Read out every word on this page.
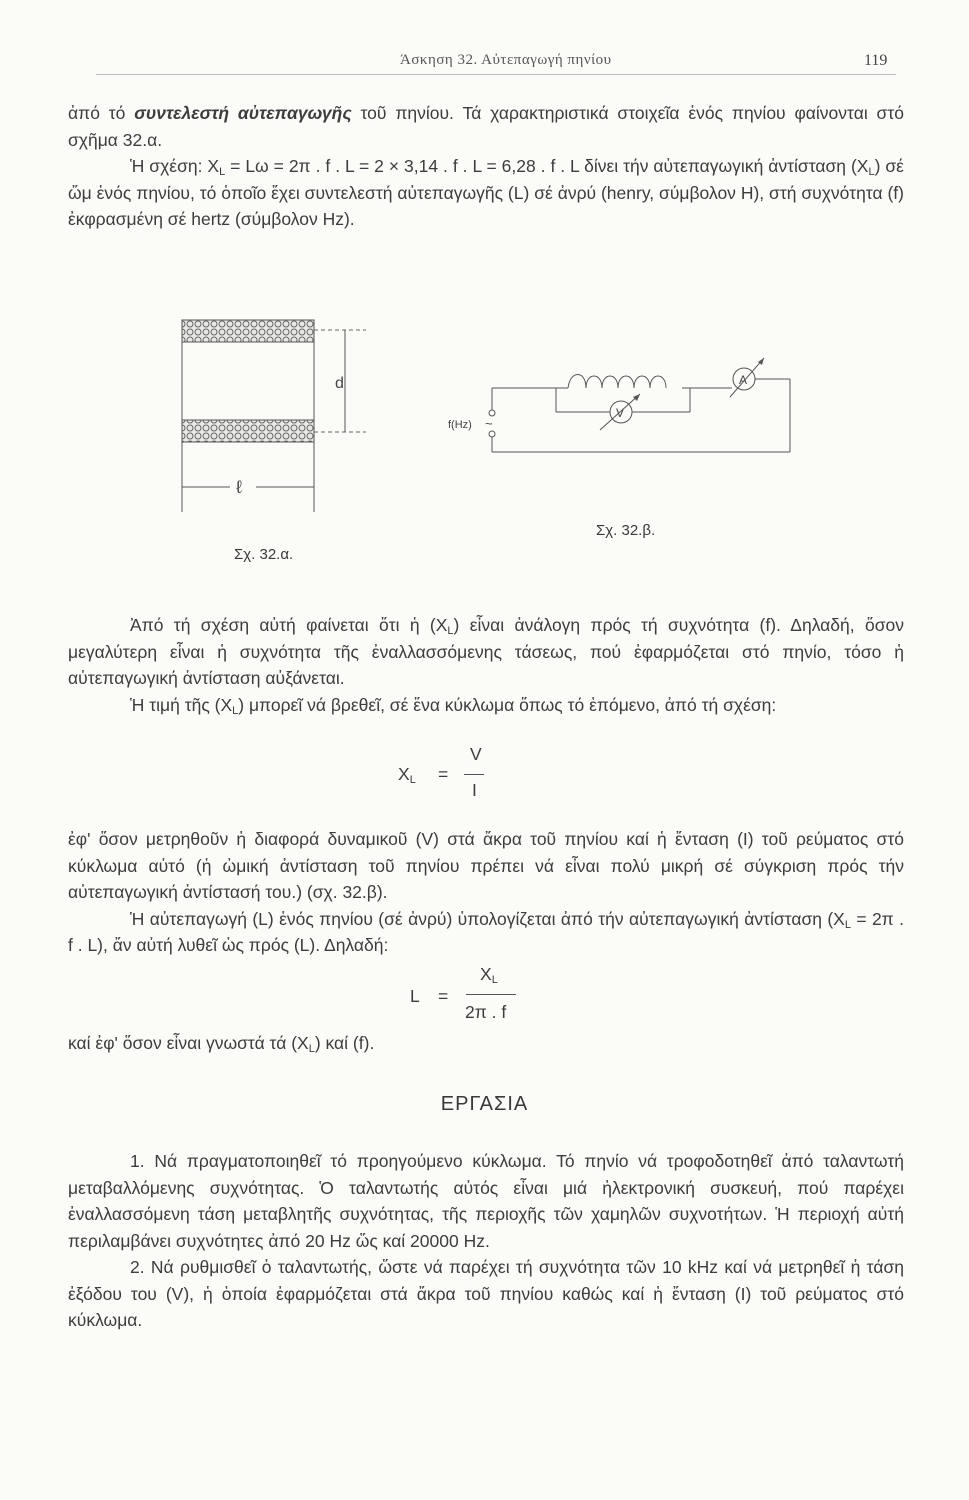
Άσκηση 32. Αὐτεπαγωγή πηνίου	119

ἀπό τό συντελεστή αὐτεπαγωγῆς τοῦ πηνίου. Τά χαρακτηριστικά στοιχεῖα ἑνός πηνίου φαίνονται στό σχῆμα 32.α.

Ἡ σχέση: $X_L = L\omega = 2\pi$ . f . L = 2 × 3,14 . f . L = 6,28 . f . L δίνει τήν αὐτεπαγωγική ἀντίσταση $(X_L)$ σέ ὤμ ἑνός πηνίου, τό ὁποῖο ἔχει συντελεστή αὐτεπαγωγῆς (L) σέ ἀνρύ (henry, σύμβολον H), στή συχνότητα (f) ἐκφρασμένη σέ hertz (σύμβολον Hz).

d
ℓ
Σχ. 32.α.
f(Hz) ~
A
V
Σχ. 32.β.

Ἀπό τή σχέση αὐτή φαίνεται ὅτι ἡ $(X_L)$ εἶναι ἀνάλογη πρός τή συχνότητα (f). Δηλαδή, ὅσον μεγαλύτερη εἶναι ἡ συχνότητα τῆς ἐναλλασσόμενης τάσεως, πού ἐφαρμόζεται στό πηνίο, τόσο ἡ αὐτεπαγωγική ἀντίσταση αὐξάνεται.

Ἡ τιμή τῆς $(X_L)$ μπορεῖ νά βρεθεῖ, σέ ἕνα κύκλωμα ὅπως τό ἑπόμενο, ἀπό τή σχέση:

$X_L$ =
V
I

ἐφ' ὅσον μετρηθοῦν ἡ διαφορά δυναμικοῦ (V) στά ἄκρα τοῦ πηνίου καί ἡ ἔνταση (I) τοῦ ρεύματος στό κύκλωμα αὐτό (ἡ ὠμική ἀντίσταση τοῦ πηνίου πρέπει νά εἶναι πολύ μικρή σέ σύγκριση πρός τήν αὐτεπαγωγική ἀντίστασή του.) (σχ. 32.β).

Ἡ αὐτεπαγωγή (L) ἑνός πηνίου (σέ ἀνρύ) ὑπολογίζεται ἀπό τήν αὐτεπαγωγική ἀντίσταση ($X_L = 2\pi$ . f . L), ἄν αὐτή λυθεῖ ὡς πρός (L). Δηλαδή:

L =
$X_L$
2π . f

καί ἐφ' ὅσον εἶναι γνωστά τά $(X_L)$ καί (f).

ΕΡΓΑΣΙΑ

1. Νά πραγματοποιηθεῖ τό προηγούμενο κύκλωμα. Τό πηνίο νά τροφοδοτηθεῖ ἀπό ταλαντωτή μεταβαλλόμενης συχνότητας. Ὁ ταλαντωτής αὐτός εἶναι μιά ἠλεκτρονική συσκευή, πού παρέχει ἐναλλασσόμενη τάση μεταβλητῆς συχνότητας, τῆς περιοχῆς τῶν χαμηλῶν συχνοτήτων. Ἡ περιοχή αὐτή περιλαμβάνει συχνότητες ἀπό 20 Hz ὥς καί 20000 Hz.

2. Νά ρυθμισθεῖ ὁ ταλαντωτής, ὥστε νά παρέχει τή συχνότητα τῶν 10 kHz καί νά μετρηθεῖ ἡ τάση ἐξόδου του (V), ἡ ὁποία ἐφαρμόζεται στά ἄκρα τοῦ πηνίου καθώς καί ἡ ἔνταση (I) τοῦ ρεύματος στό κύκλωμα.
